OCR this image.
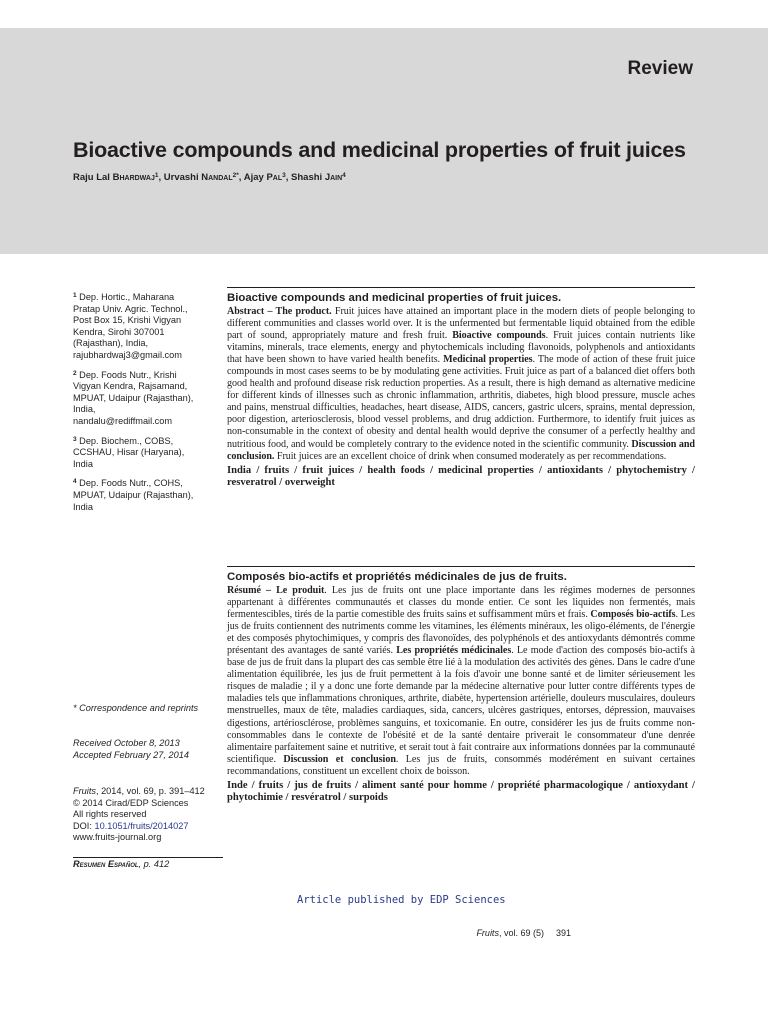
Review
Bioactive compounds and medicinal properties of fruit juices
Raju Lal Bhardwaj$^1$, Urvashi Nandal$^{2*}$, Ajay Pal$^3$, Shashi Jain$^4$
$^1$ Dep. Hortic., Maharana
Pratap Univ. Agric. Technol.,
Post Box 15, Krishi Vigyan
Kendra, Sirohi 307001
(Rajasthan), India,
rajubhardwaj3@gmail.com
$^2$ Dep. Foods Nutr., Krishi
Vigyan Kendra, Rajsamand,
MPUAT, Udaipur (Rajasthan),
India,
nandalu@rediffmail.com
$^3$ Dep. Biochem., COBS,
CCSHAU, Hisar (Haryana),
India
$^4$ Dep. Foods Nutr., COHS,
MPUAT, Udaipur (Rajasthan),
India
* Correspondence and reprints
Received October 8, 2013
Accepted February 27, 2014
Fruits, 2014, vol. 69, p. 391–412
© 2014 Cirad/EDP Sciences
All rights reserved
DOI: 10.1051/fruits/2014027
www.fruits-journal.org
Resumen Español, p. 412
Bioactive compounds and medicinal properties of fruit juices.
Abstract – The product. Fruit juices have attained an important place in the modern diets of people belonging to different communities and classes world over. It is the unfermented but fermentable liquid obtained from the edible part of sound, appropriately mature and fresh fruit. Bioactive compounds. Fruit juices contain nutrients like vitamins, minerals, trace elements, energy and phytochemicals including flavonoids, polyphenols and antioxidants that have been shown to have varied health benefits. Medicinal properties. The mode of action of these fruit juice compounds in most cases seems to be by modulating gene activities. Fruit juice as part of a balanced diet offers both good health and profound disease risk reduction properties. As a result, there is high demand as alternative medicine for different kinds of illnesses such as chronic inflammation, arthritis, diabetes, high blood pressure, muscle aches and pains, menstrual difficulties, headaches, heart disease, AIDS, cancers, gastric ulcers, sprains, mental depression, poor digestion, arteriosclerosis, blood vessel problems, and drug addiction. Furthermore, to identify fruit juices as non-consumable in the context of obesity and dental health would deprive the consumer of a perfectly healthy and nutritious food, and would be completely contrary to the evidence noted in the scientific community. Discussion and conclusion. Fruit juices are an excellent choice of drink when consumed moderately as per recommendations.
India / fruits / fruit juices / health foods / medicinal properties / antioxidants / phytochemistry / resveratrol / overweight
Composés bio-actifs et propriétés médicinales de jus de fruits.
Résumé – Le produit. Les jus de fruits ont une place importante dans les régimes modernes de personnes appartenant à différentes communautés et classes du monde entier. Ce sont les liquides non fermentés, mais fermentescibles, tirés de la partie comestible des fruits sains et suffisamment mûrs et frais. Composés bio-actifs. Les jus de fruits contiennent des nutriments comme les vitamines, les éléments minéraux, les oligo-éléments, de l'énergie et des composés phytochimiques, y compris des flavonoïdes, des polyphénols et des antioxydants démontrés comme présentant des avantages de santé variés. Les propriétés médicinales. Le mode d'action des composés bio-actifs à base de jus de fruit dans la plupart des cas semble être lié à la modulation des activités des gènes. Dans le cadre d'une alimentation équilibrée, les jus de fruit permettent à la fois d'avoir une bonne santé et de limiter sérieusement les risques de maladie ; il y a donc une forte demande par la médecine alternative pour lutter contre différents types de maladies tels que inflammations chroniques, arthrite, diabète, hypertension artérielle, douleurs musculaires, douleurs menstruelles, maux de tête, maladies cardiaques, sida, cancers, ulcères gastriques, entorses, dépression, mauvaises digestions, artériosclérose, problèmes sanguins, et toxicomanie. En outre, considérer les jus de fruits comme non-consommables dans le contexte de l'obésité et de la santé dentaire priverait le consommateur d'une denrée alimentaire parfaitement saine et nutritive, et serait tout à fait contraire aux informations données par la communauté scientifique. Discussion et conclusion. Les jus de fruits, consommés modérément en suivant certaines recommandations, constituent un excellent choix de boisson.
Inde / fruits / jus de fruits / aliment santé pour homme / propriété pharmacologique / antioxydant / phytochimie / resvératrol / surpoids
Article published by EDP Sciences
Fruits, vol. 69 (5) 391
